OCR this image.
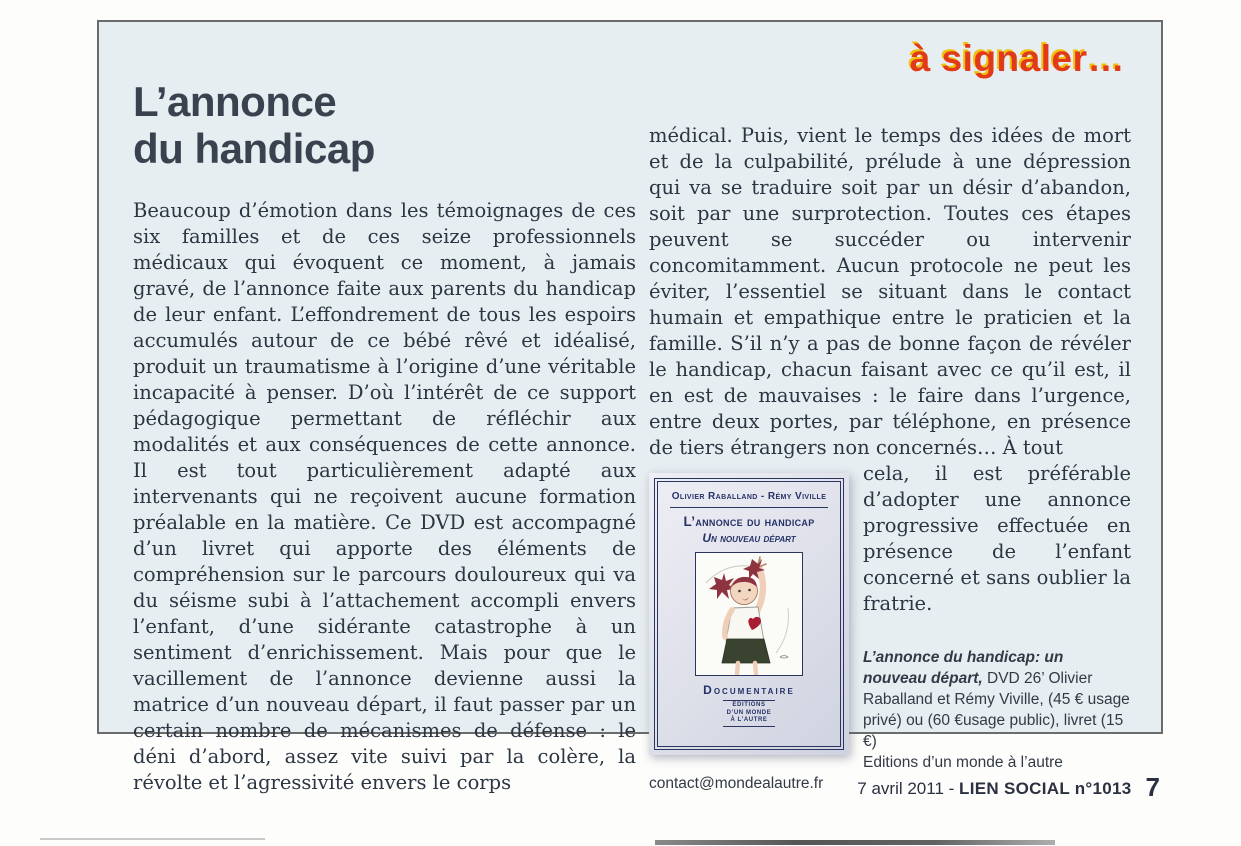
à signaler…
L’annonce
du handicap
Beaucoup d’émotion dans les témoignages de ces six familles et de ces seize professionnels médicaux qui évoquent ce moment, à jamais gravé, de l’annonce faite aux parents du handicap de leur enfant. L’effondrement de tous les espoirs accumulés autour de ce bébé rêvé et idéalisé, produit un traumatisme à l’origine d’une véritable incapacité à penser. D’où l’intérêt de ce support pédagogique permettant de réfléchir aux modalités et aux conséquences de cette annonce. Il est tout particulièrement adapté aux intervenants qui ne reçoivent aucune formation préalable en la matière. Ce DVD est accompagné d’un livret qui apporte des éléments de compréhension sur le parcours douloureux qui va du séisme subi à l’attachement accompli envers l’enfant, d’une sidérante catastrophe à un sentiment d’enrichissement. Mais pour que le vacillement de l’annonce devienne aussi la matrice d’un nouveau départ, il faut passer par un certain nombre de mécanismes de défense : le déni d’abord, assez vite suivi par la colère, la révolte et l’agressivité envers le corps

médical. Puis, vient le temps des idées de mort et de la culpabilité, prélude à une dépression qui va se traduire soit par un désir d’abandon, soit par une surprotection. Toutes ces étapes peuvent se succéder ou intervenir concomitamment. Aucun protocole ne peut les éviter, l’essentiel se situant dans le contact humain et empathique entre le praticien et la famille. S’il n’y a pas de bonne façon de révéler le handicap, chacun faisant avec ce qu’il est, il en est de mauvaises : le faire dans l’urgence, entre deux portes, par téléphone, en présence de tiers étrangers non concernés… À tout

Olivier Raballand - Rémy Viville
L’annonce du handicap
Un nouveau départ
Documentaire
ÉDITIONS
D’UN MONDE
À L’AUTRE

cela, il est préférable d’adopter une annonce progressive effectuée en présence de l’enfant concerné et sans oublier la fratrie.

L’annonce du handicap: un nouveau départ, DVD 26’ Olivier Raballand et Rémy Viville, (45 € usage privé) ou (60 €usage public), livret (15 €)

Editions d’un monde à l’autre

contact@mondealautre.fr	7 avril 2011 - LIEN SOCIAL n°1013 7
